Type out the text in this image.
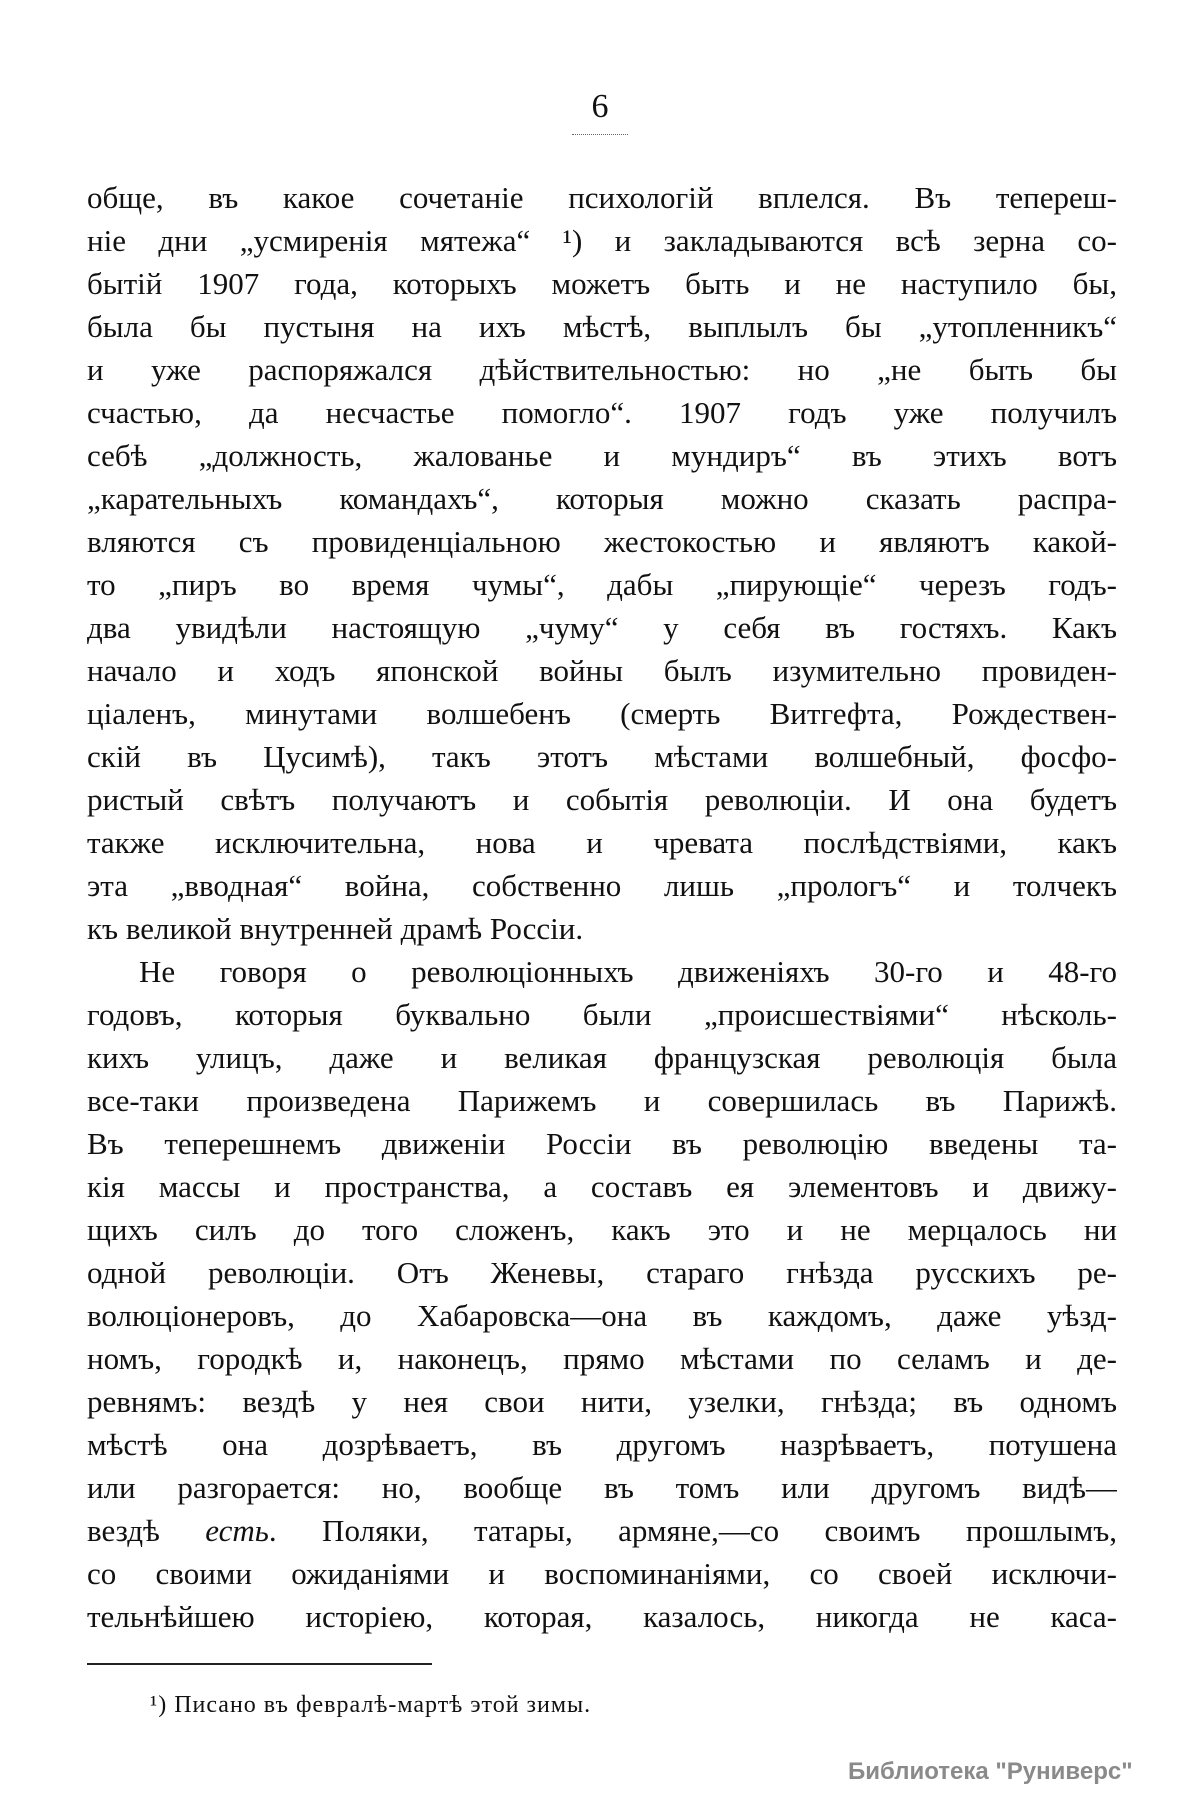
6
обще, въ какое сочетаніе психологій вплелся. Въ теперeш-
ніе дни „усмиренія мятежа“ ¹) и закладываются всѣ зерна со-
бытій 1907 года, которыхъ можетъ быть и не наступило бы,
была бы пустыня на ихъ мѣстѣ, выплылъ бы „утопленникъ“
и уже распоряжался дѣйствительностью: но „не быть бы
счастью, да несчастье помогло“. 1907 годъ уже получилъ
себѣ „должность, жалованье и мундиръ“ въ этихъ вотъ
„карательныхъ командахъ“, которыя можно сказать распра-
вляются съ провиденціальною жестокостью и являютъ какой-
то „пиръ во время чумы“, дабы „пирующіе“ черезъ годъ-
два увидѣли настоящую „чуму“ у себя въ гостяхъ. Какъ
начало и ходъ японской войны былъ изумительно провиден-
ціаленъ, минутами волшебенъ (смерть Витгефта, Рождествен-
скій въ Цусимѣ), такъ этотъ мѣстами волшебный, фосфо-
ристый свѣтъ получаютъ и событія революціи. И она будетъ
также исключительна, нова и чревата послѣдствіями, какъ
эта „вводная“ война, собственно лишь „прологъ“ и толчекъ
къ великой внутренней драмѣ Россіи.
Не говоря о революціонныхъ движеніяхъ 30-го и 48-го
годовъ, которыя буквально были „происшествіями“ нѣсколь-
кихъ улицъ, даже и великая французская революція была
все-таки произведена Парижемъ и совершилась въ Парижѣ.
Въ теперешнемъ движеніи Россіи въ революцію введены та-
кія массы и пространства, а составъ ея элементовъ и движу-
щихъ силъ до того сложенъ, какъ это и не мерцалось ни
одной революціи. Отъ Женевы, стараго гнѣзда русскихъ ре-
волюціонеровъ, до Хабаровска—она въ каждомъ, даже уѣзд-
номъ, городкѣ и, наконецъ, прямо мѣстами по селамъ и де-
ревнямъ: вездѣ у нея свои нити, узелки, гнѣзда; въ одномъ
мѣстѣ она дозрѣваетъ, въ другомъ назрѣваетъ, потушена
или разгорается: но, вообще въ томъ или другомъ видѣ—
вездѣ есть. Поляки, татары, армяне,—со своимъ прошлымъ,
со своими ожиданіями и воспоминаніями, со своей исключи-
тельнѣйшею исторіею, которая, казалось, никогда не каса-
¹) Писано въ февралѣ-мартѣ этой зимы.
Библиотека "Руниверс"
